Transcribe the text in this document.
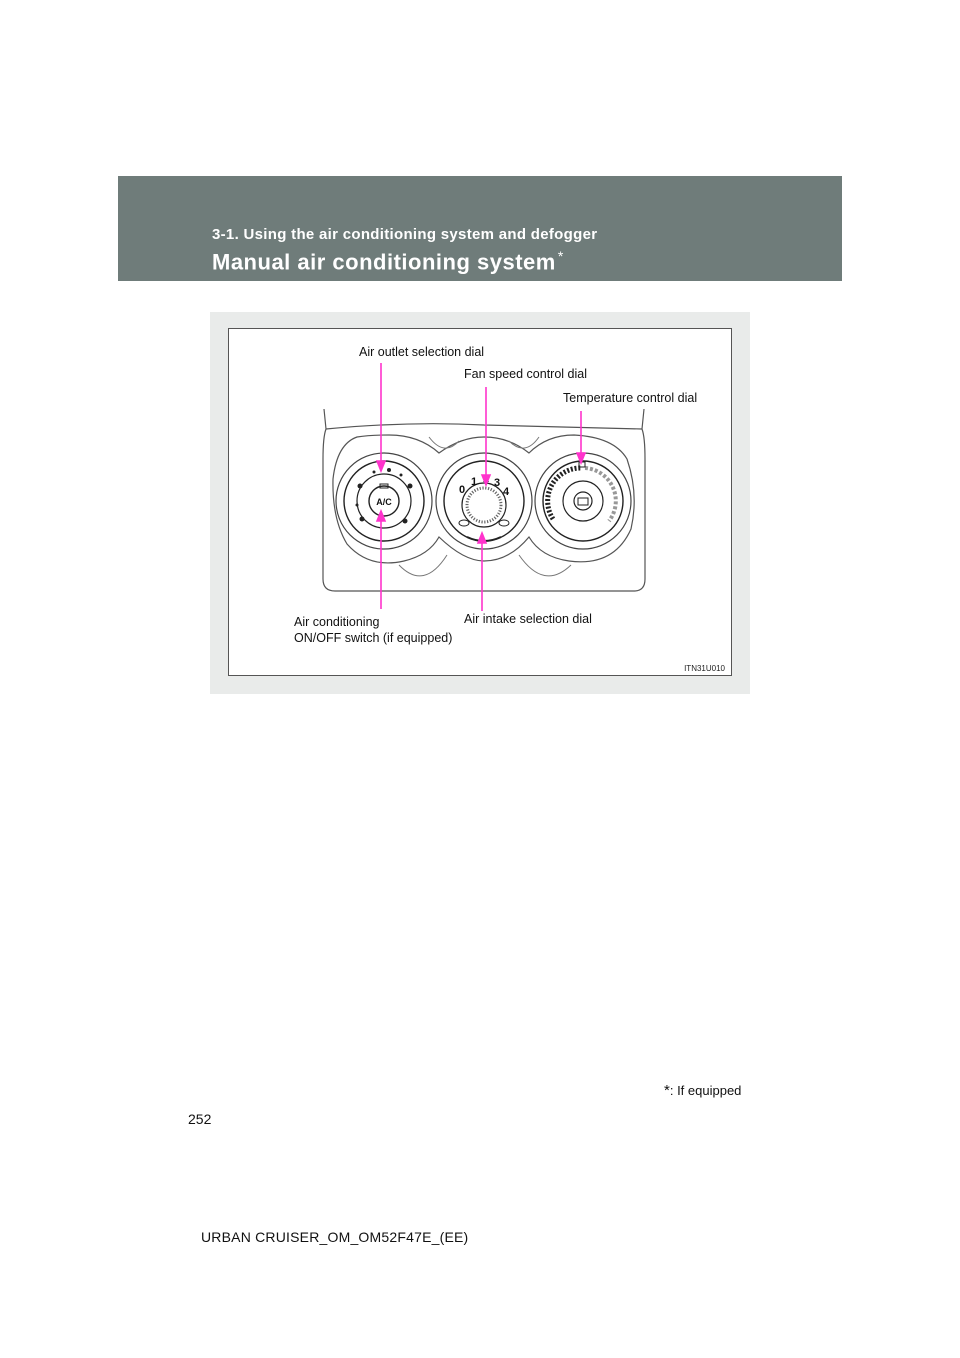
3-1. Using the air conditioning system and defogger
Manual air conditioning system *
A/C
0
1 3
4
Air outlet selection dial
Fan speed control dial
Temperature control dial
Air conditioning
ON/OFF switch (if equipped)
Air intake selection dial
ITN31U010
*: If equipped
252
URBAN CRUISER_OM_OM52F47E_(EE)
